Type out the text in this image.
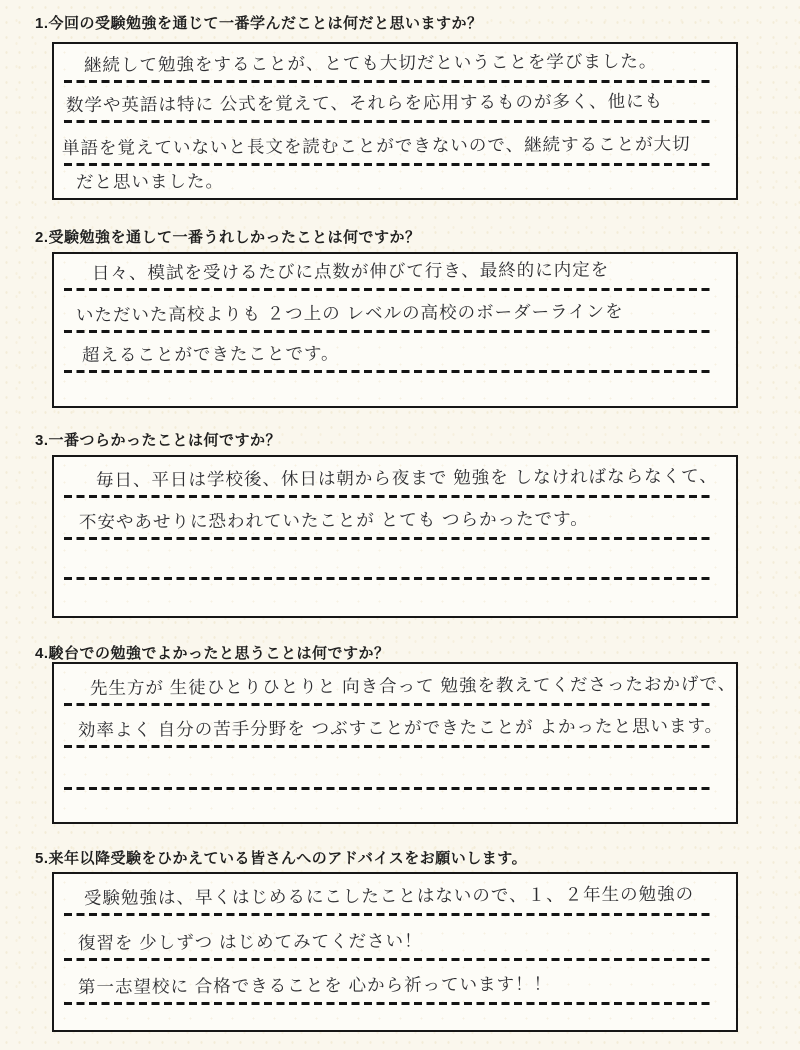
1.今回の受験勉強を通じて一番学んだことは何だと思いますか？
継続して勉強をすることが、とても大切だということを学びました。
数学や英語は特に 公式を覚えて、それらを応用するものが多く、他にも
単語を覚えていないと長文を読むことができないので、継続することが大切
だと思いました。
2.受験勉強を通して一番うれしかったことは何ですか？
日々、模試を受けるたびに点数が伸びて行き、最終的に内定を
いただいた高校よりも ２つ上の レベルの高校のボーダーラインを
超えることができたことです。
3.一番つらかったことは何ですか？
毎日、平日は学校後、休日は朝から夜まで 勉強を しなければならなくて、
不安やあせりに恐われていたことが とても つらかったです。
4.駿台での勉強でよかったと思うことは何ですか？
先生方が 生徒ひとりひとりと 向き合って 勉強を教えてくださったおかげで、
効率よく 自分の苦手分野を つぶすことができたことが よかったと思います。
5.来年以降受験をひかえている皆さんへのアドバイスをお願いします。
受験勉強は、早くはじめるにこしたことはないので、１、２年生の勉強の
復習を 少しずつ はじめてみてください！
第一志望校に 合格できることを 心から祈っています！！
